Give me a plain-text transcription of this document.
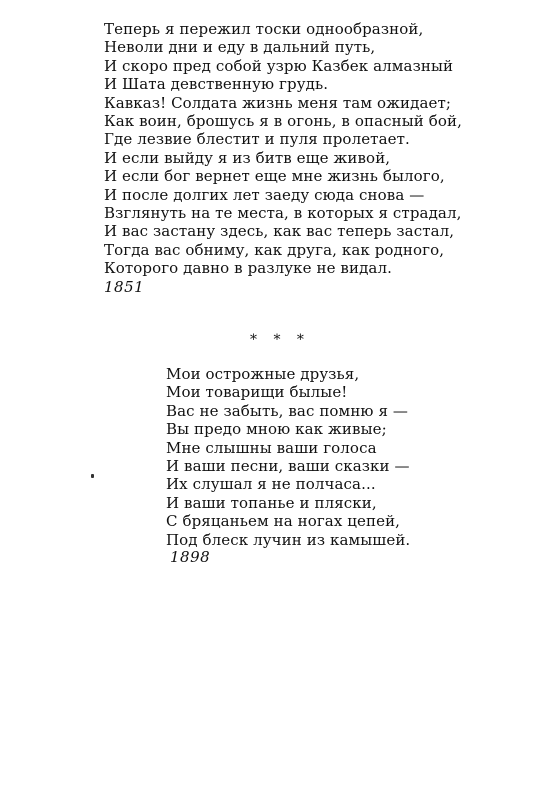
Теперь я пережил тоски однообразной,
Неволи дни и еду в дальний путь,
И скоро пред собой узрю Казбек алмазный
И Шата девственную грудь.
Кавказ! Солдата жизнь меня там ожидает;
Как воин, брошусь я в огонь, в опасный бой,
Где лезвие блестит и пуля пролетает.
И если выйду я из битв еще живой,
И если бог вернет еще мне жизнь былого,
И после долгих лет заеду сюда снова —
Взглянуть на те места, в которых я страдал,
И вас застану здесь, как вас теперь застал,
Тогда вас обниму, как друга, как родного,
Которого давно в разлуке не видал.

1851

* * *

Мои острожные друзья,
Мои товарищи былые!
Вас не забыть, вас помню я —
Вы предо мною как живые;
Мне слышны ваши голоса
И ваши песни, ваши сказки —
Их слушал я не полчаса...
И ваши топанье и пляски,
С бряцаньем на ногах цепей,
Под блеск лучин из камышей.

1898
